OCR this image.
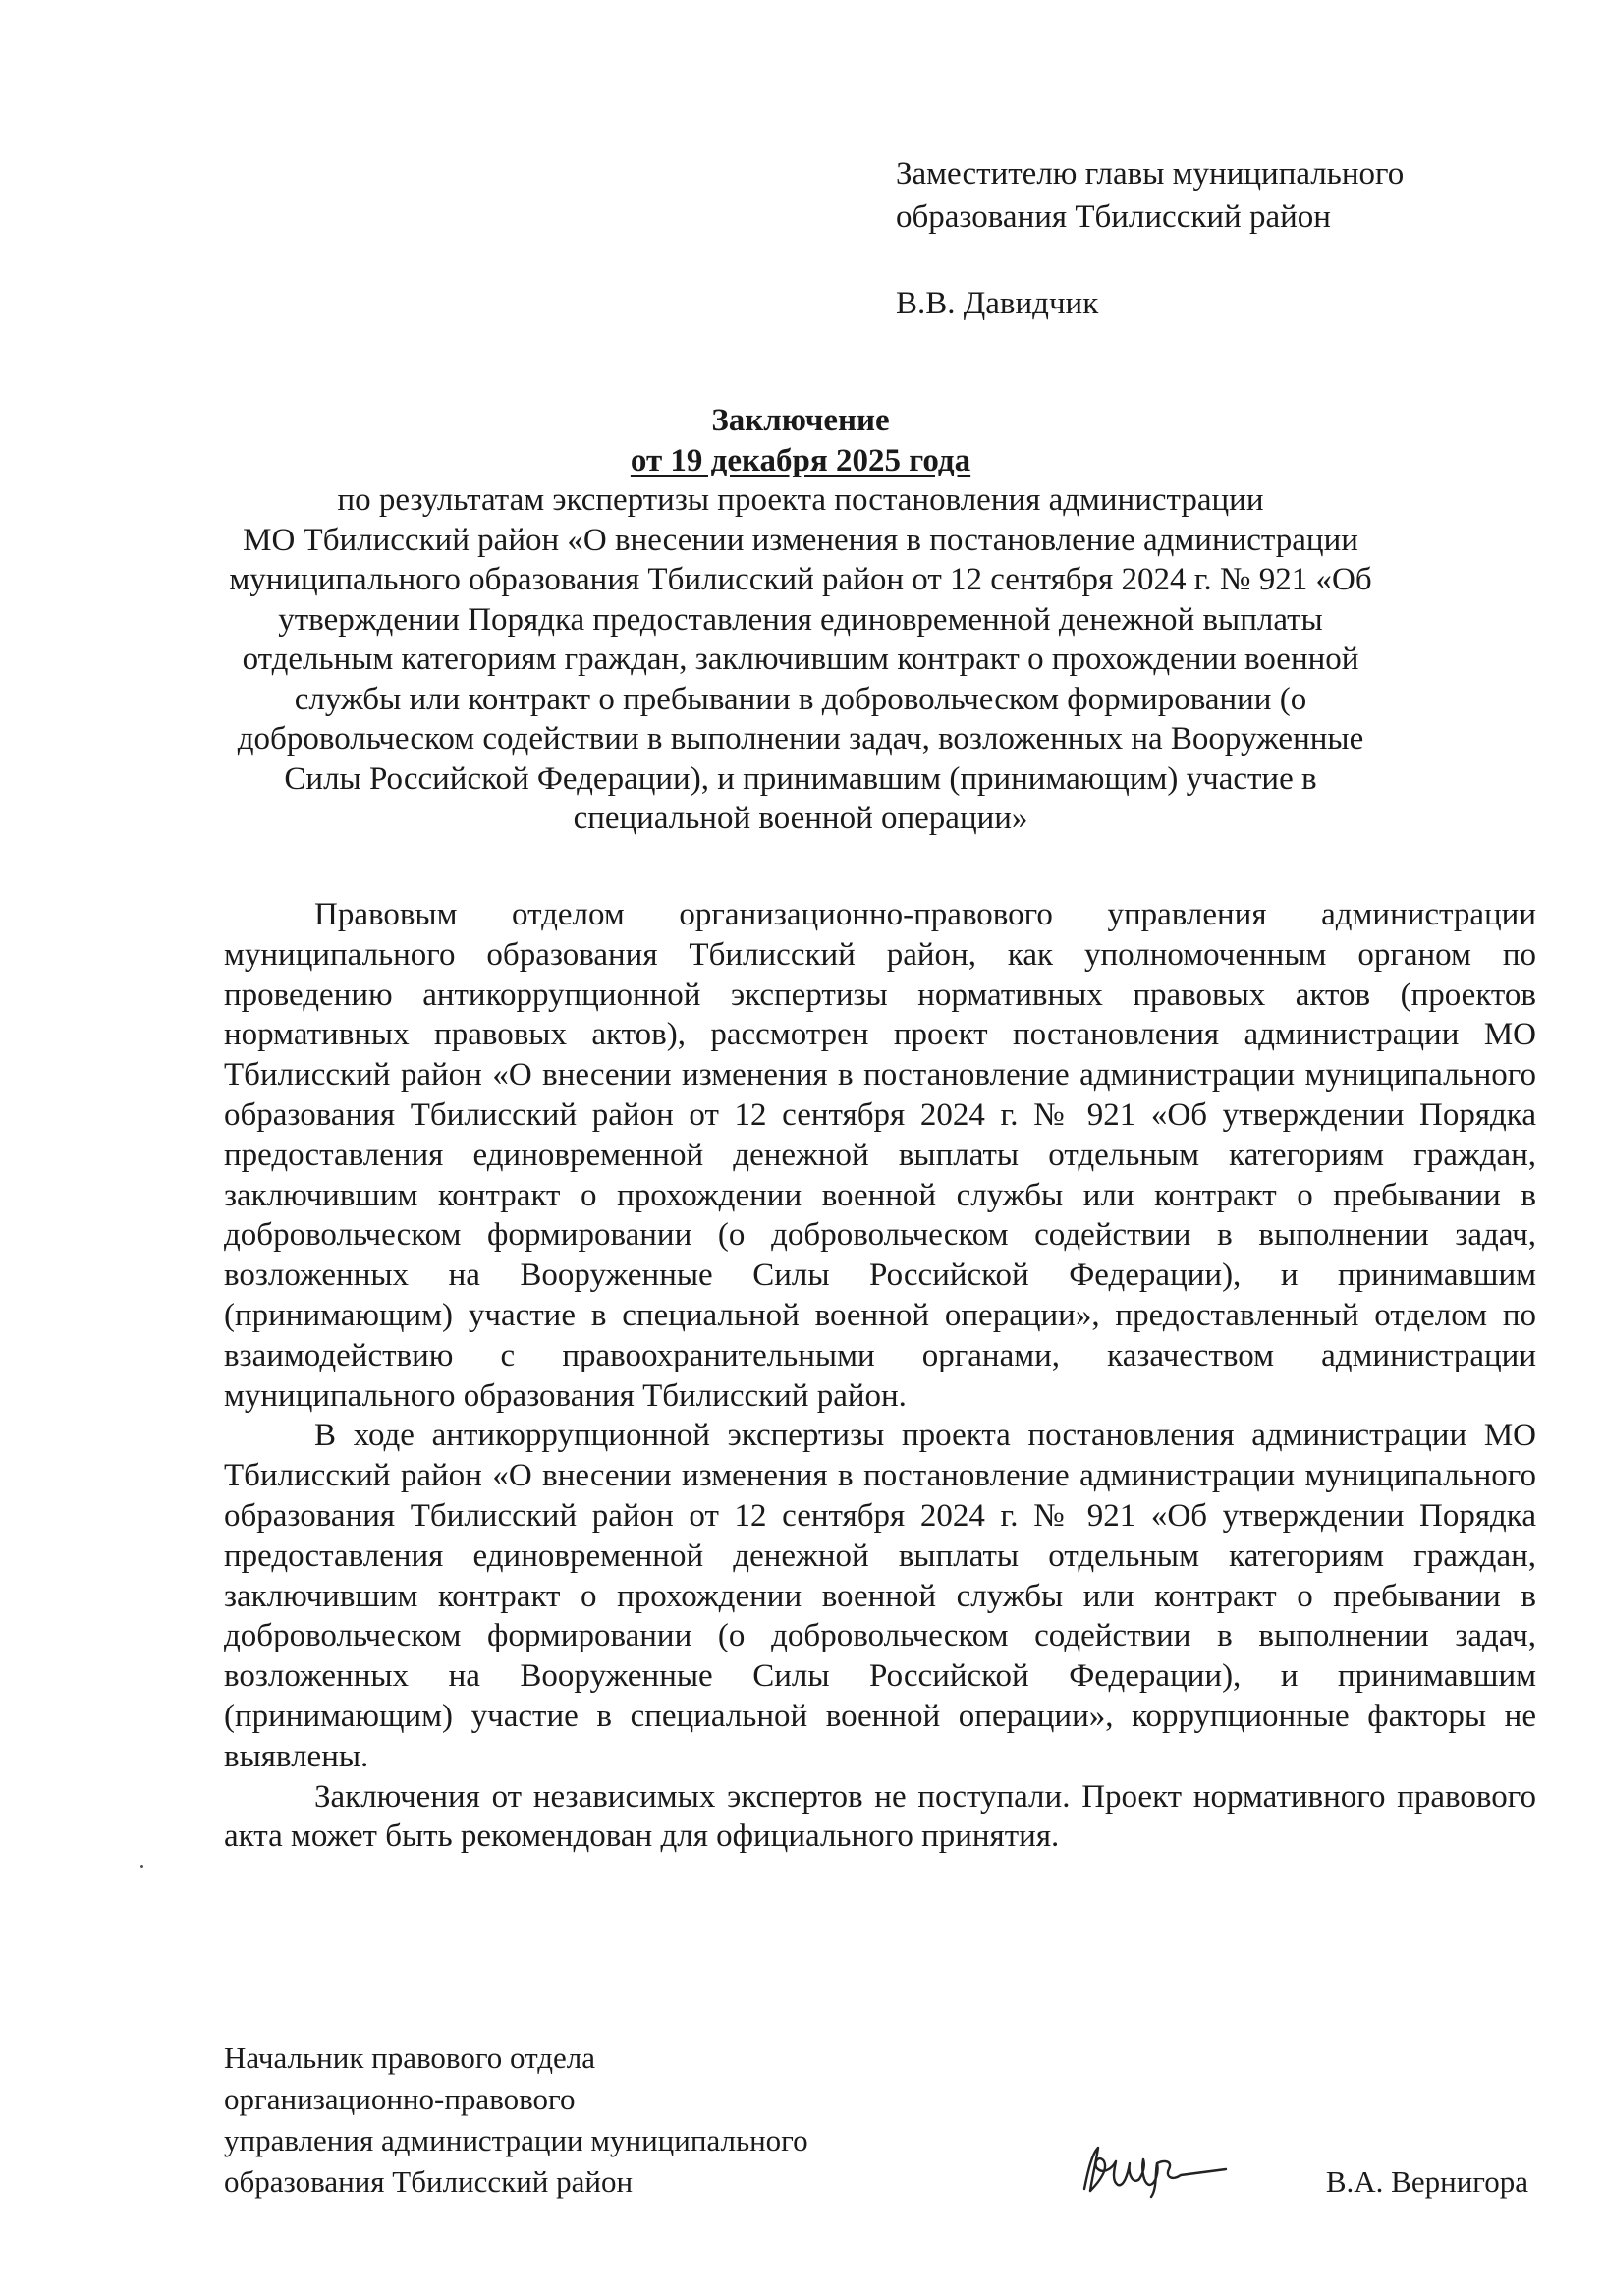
Заместителю главы муниципального
образования Тбилисский район
В.В. Давидчик
Заключение
от 19 декабря 2025 года
по результатам экспертизы проекта постановления администрации
МО Тбилисский район «О внесении изменения в постановление администрации
муниципального образования Тбилисский район от 12 сентября 2024 г. № 921 «Об
утверждении Порядка предоставления единовременной денежной выплаты
отдельным категориям граждан, заключившим контракт о прохождении военной
службы или контракт о пребывании в добровольческом формировании (о
добровольческом содействии в выполнении задач, возложенных на Вооруженные
Силы Российской Федерации), и принимавшим (принимающим) участие в
специальной военной операции»

Правовым отделом организационно-правового управления администрации муниципального образования Тбилисский район, как уполномоченным органом по проведению антикоррупционной экспертизы нормативных правовых актов (проектов нормативных правовых актов), рассмотрен проект постановления администрации МО Тбилисский район «О внесении изменения в постановление администрации муниципального образования Тбилисский район от 12 сентября 2024 г. № 921 «Об утверждении Порядка предоставления единовременной денежной выплаты отдельным категориям граждан, заключившим контракт о прохождении военной службы или контракт о пребывании в добровольческом формировании (о добровольческом содействии в выполнении задач, возложенных на Вооруженные Силы Российской Федерации), и принимавшим (принимающим) участие в специальной военной операции», предоставленный отделом по взаимодействию с правоохранительными органами, казачеством администрации муниципального образования Тбилисский район.

В ходе антикоррупционной экспертизы проекта постановления администрации МО Тбилисский район «О внесении изменения в постановление администрации муниципального образования Тбилисский район от 12 сентября 2024 г. № 921 «Об утверждении Порядка предоставления единовременной денежной выплаты отдельным категориям граждан, заключившим контракт о прохождении военной службы или контракт о пребывании в добровольческом формировании (о добровольческом содействии в выполнении задач, возложенных на Вооруженные Силы Российской Федерации), и принимавшим (принимающим) участие в специальной военной операции», коррупционные факторы не выявлены.

Заключения от независимых экспертов не поступали. Проект нормативного правового акта может быть рекомендован для официального принятия.

Начальник правового отдела
организационно-правового
управления администрации муниципального
образования Тбилисский район	В.А. Вернигора
